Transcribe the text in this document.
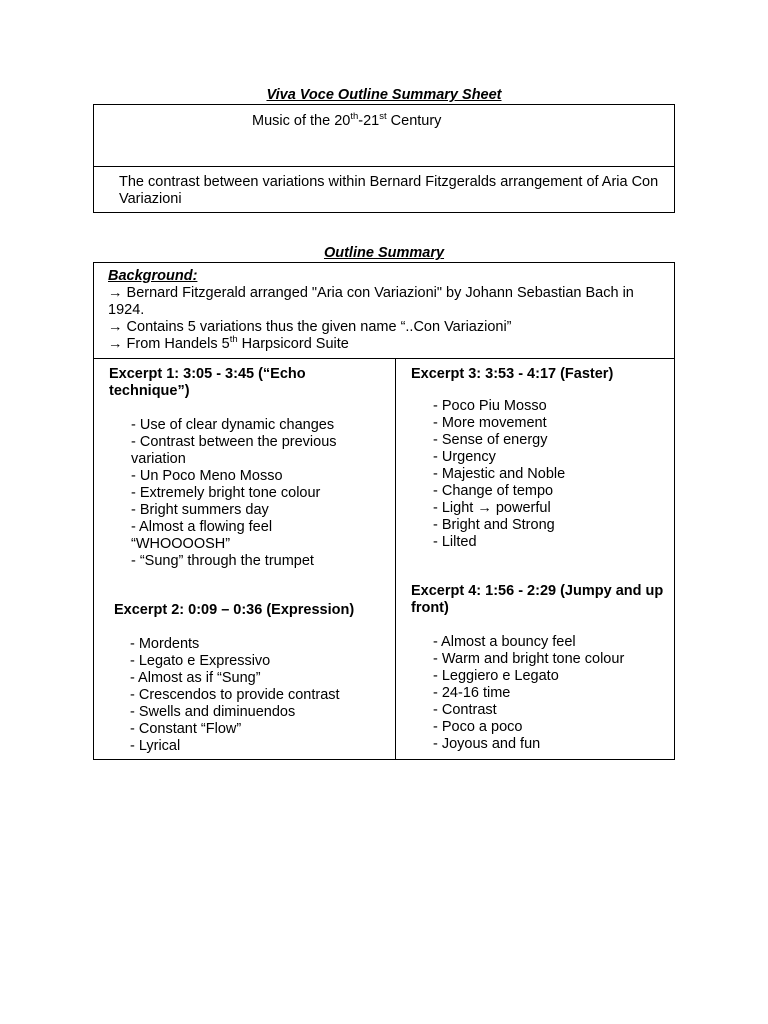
Viva Voce Outline Summary Sheet
Music of the 20th-21st Century
The contrast between variations within Bernard Fitzgeralds arrangement of Aria Con Variazioni
Outline Summary
Background:
→ Bernard Fitzgerald arranged "Aria con Variazioni" by Johann Sebastian Bach in 1924.
→ Contains 5 variations thus the given name “..Con Variazioni”
→ From Handels 5th Harpsicord Suite
Excerpt 1: 3:05 - 3:45 (“Echo technique”)
- Use of clear dynamic changes
- Contrast between the previous variation
- Un Poco Meno Mosso
- Extremely bright tone colour
- Bright summers day
- Almost a flowing feel “WHOOOOSH”
- “Sung” through the trumpet
Excerpt 2: 0:09 – 0:36 (Expression)
- Mordents
- Legato e Expressivo
- Almost as if “Sung”
- Crescendos to provide contrast
- Swells and diminuendos
- Constant “Flow”
- Lyrical
Excerpt 3: 3:53 - 4:17 (Faster)
- Poco Piu Mosso
- More movement
- Sense of energy
- Urgency
- Majestic and Noble
- Change of tempo
- Light → powerful
- Bright and Strong
- Lilted
Excerpt 4: 1:56 - 2:29 (Jumpy and up front)
- Almost a bouncy feel
- Warm and bright tone colour
- Leggiero e Legato
- 24-16 time
- Contrast
- Poco a poco
- Joyous and fun
